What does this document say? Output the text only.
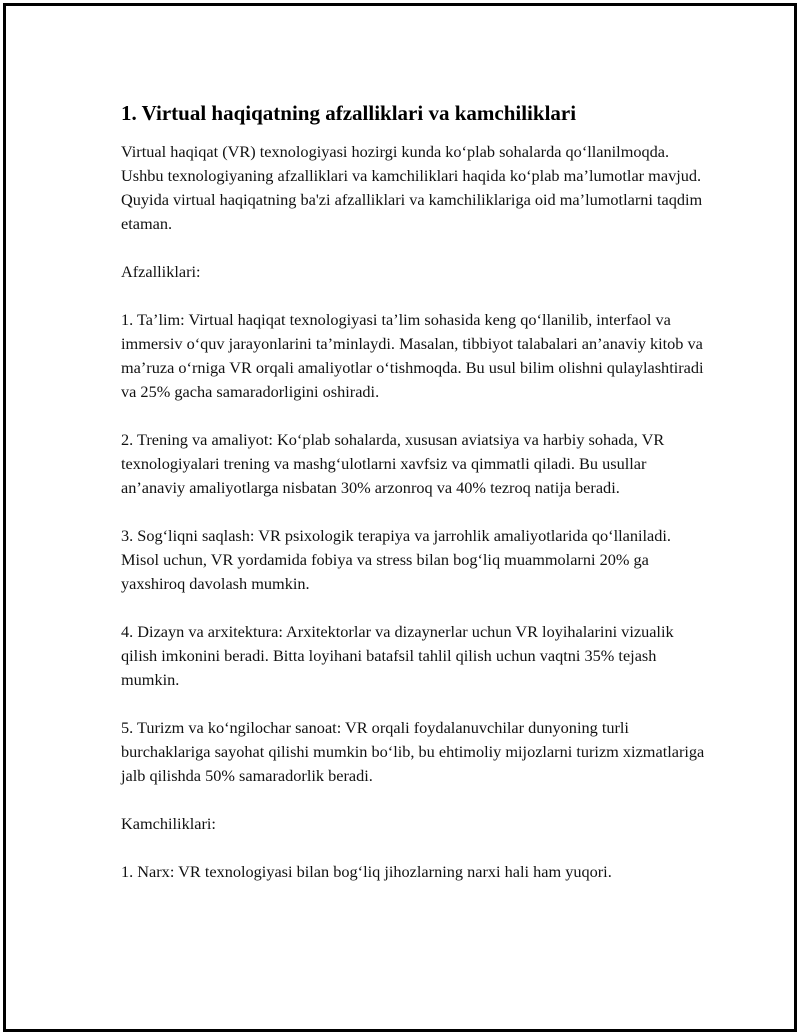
1. Virtual haqiqatning afzalliklari va kamchiliklari

Virtual haqiqat (VR) texnologiyasi hozirgi kunda koʻplab sohalarda qoʻllanilmoqda. Ushbu texnologiyaning afzalliklari va kamchiliklari haqida koʻplab maʼlumotlar mavjud. Quyida virtual haqiqatning ba'zi afzalliklari va kamchiliklariga oid maʼlumotlarni taqdim etaman.

Afzalliklari:

1. Taʼlim: Virtual haqiqat texnologiyasi taʼlim sohasida keng qoʻllanilib, interfaol va immersiv oʻquv jarayonlarini taʼminlaydi. Masalan, tibbiyot talabalari anʼanaviy kitob va maʼruza oʻrniga VR orqali amaliyotlar oʻtishmoqda. Bu usul bilim olishni qulaylashtiradi va 25% gacha samaradorligini oshiradi.

2. Trening va amaliyot: Koʻplab sohalarda, xususan aviatsiya va harbiy sohada, VR texnologiyalari trening va mashgʻulotlarni xavfsiz va qimmatli qiladi. Bu usullar anʼanaviy amaliyotlarga nisbatan 30% arzonroq va 40% tezroq natija beradi.

3. Sogʻliqni saqlash: VR psixologik terapiya va jarrohlik amaliyotlarida qoʻllaniladi. Misol uchun, VR yordamida fobiya va stress bilan bogʻliq muammolarni 20% ga yaxshiroq davolash mumkin.

4. Dizayn va arxitektura: Arxitektorlar va dizaynerlar uchun VR loyihalarini vizualik qilish imkonini beradi. Bitta loyihani batafsil tahlil qilish uchun vaqtni 35% tejash mumkin.

5. Turizm va koʻngilochar sanoat: VR orqali foydalanuvchilar dunyoning turli burchaklariga sayohat qilishi mumkin boʻlib, bu ehtimoliy mijozlarni turizm xizmatlariga jalb qilishda 50% samaradorlik beradi.

Kamchiliklari:

1. Narx: VR texnologiyasi bilan bogʻliq jihozlarning narxi hali ham yuqori.
